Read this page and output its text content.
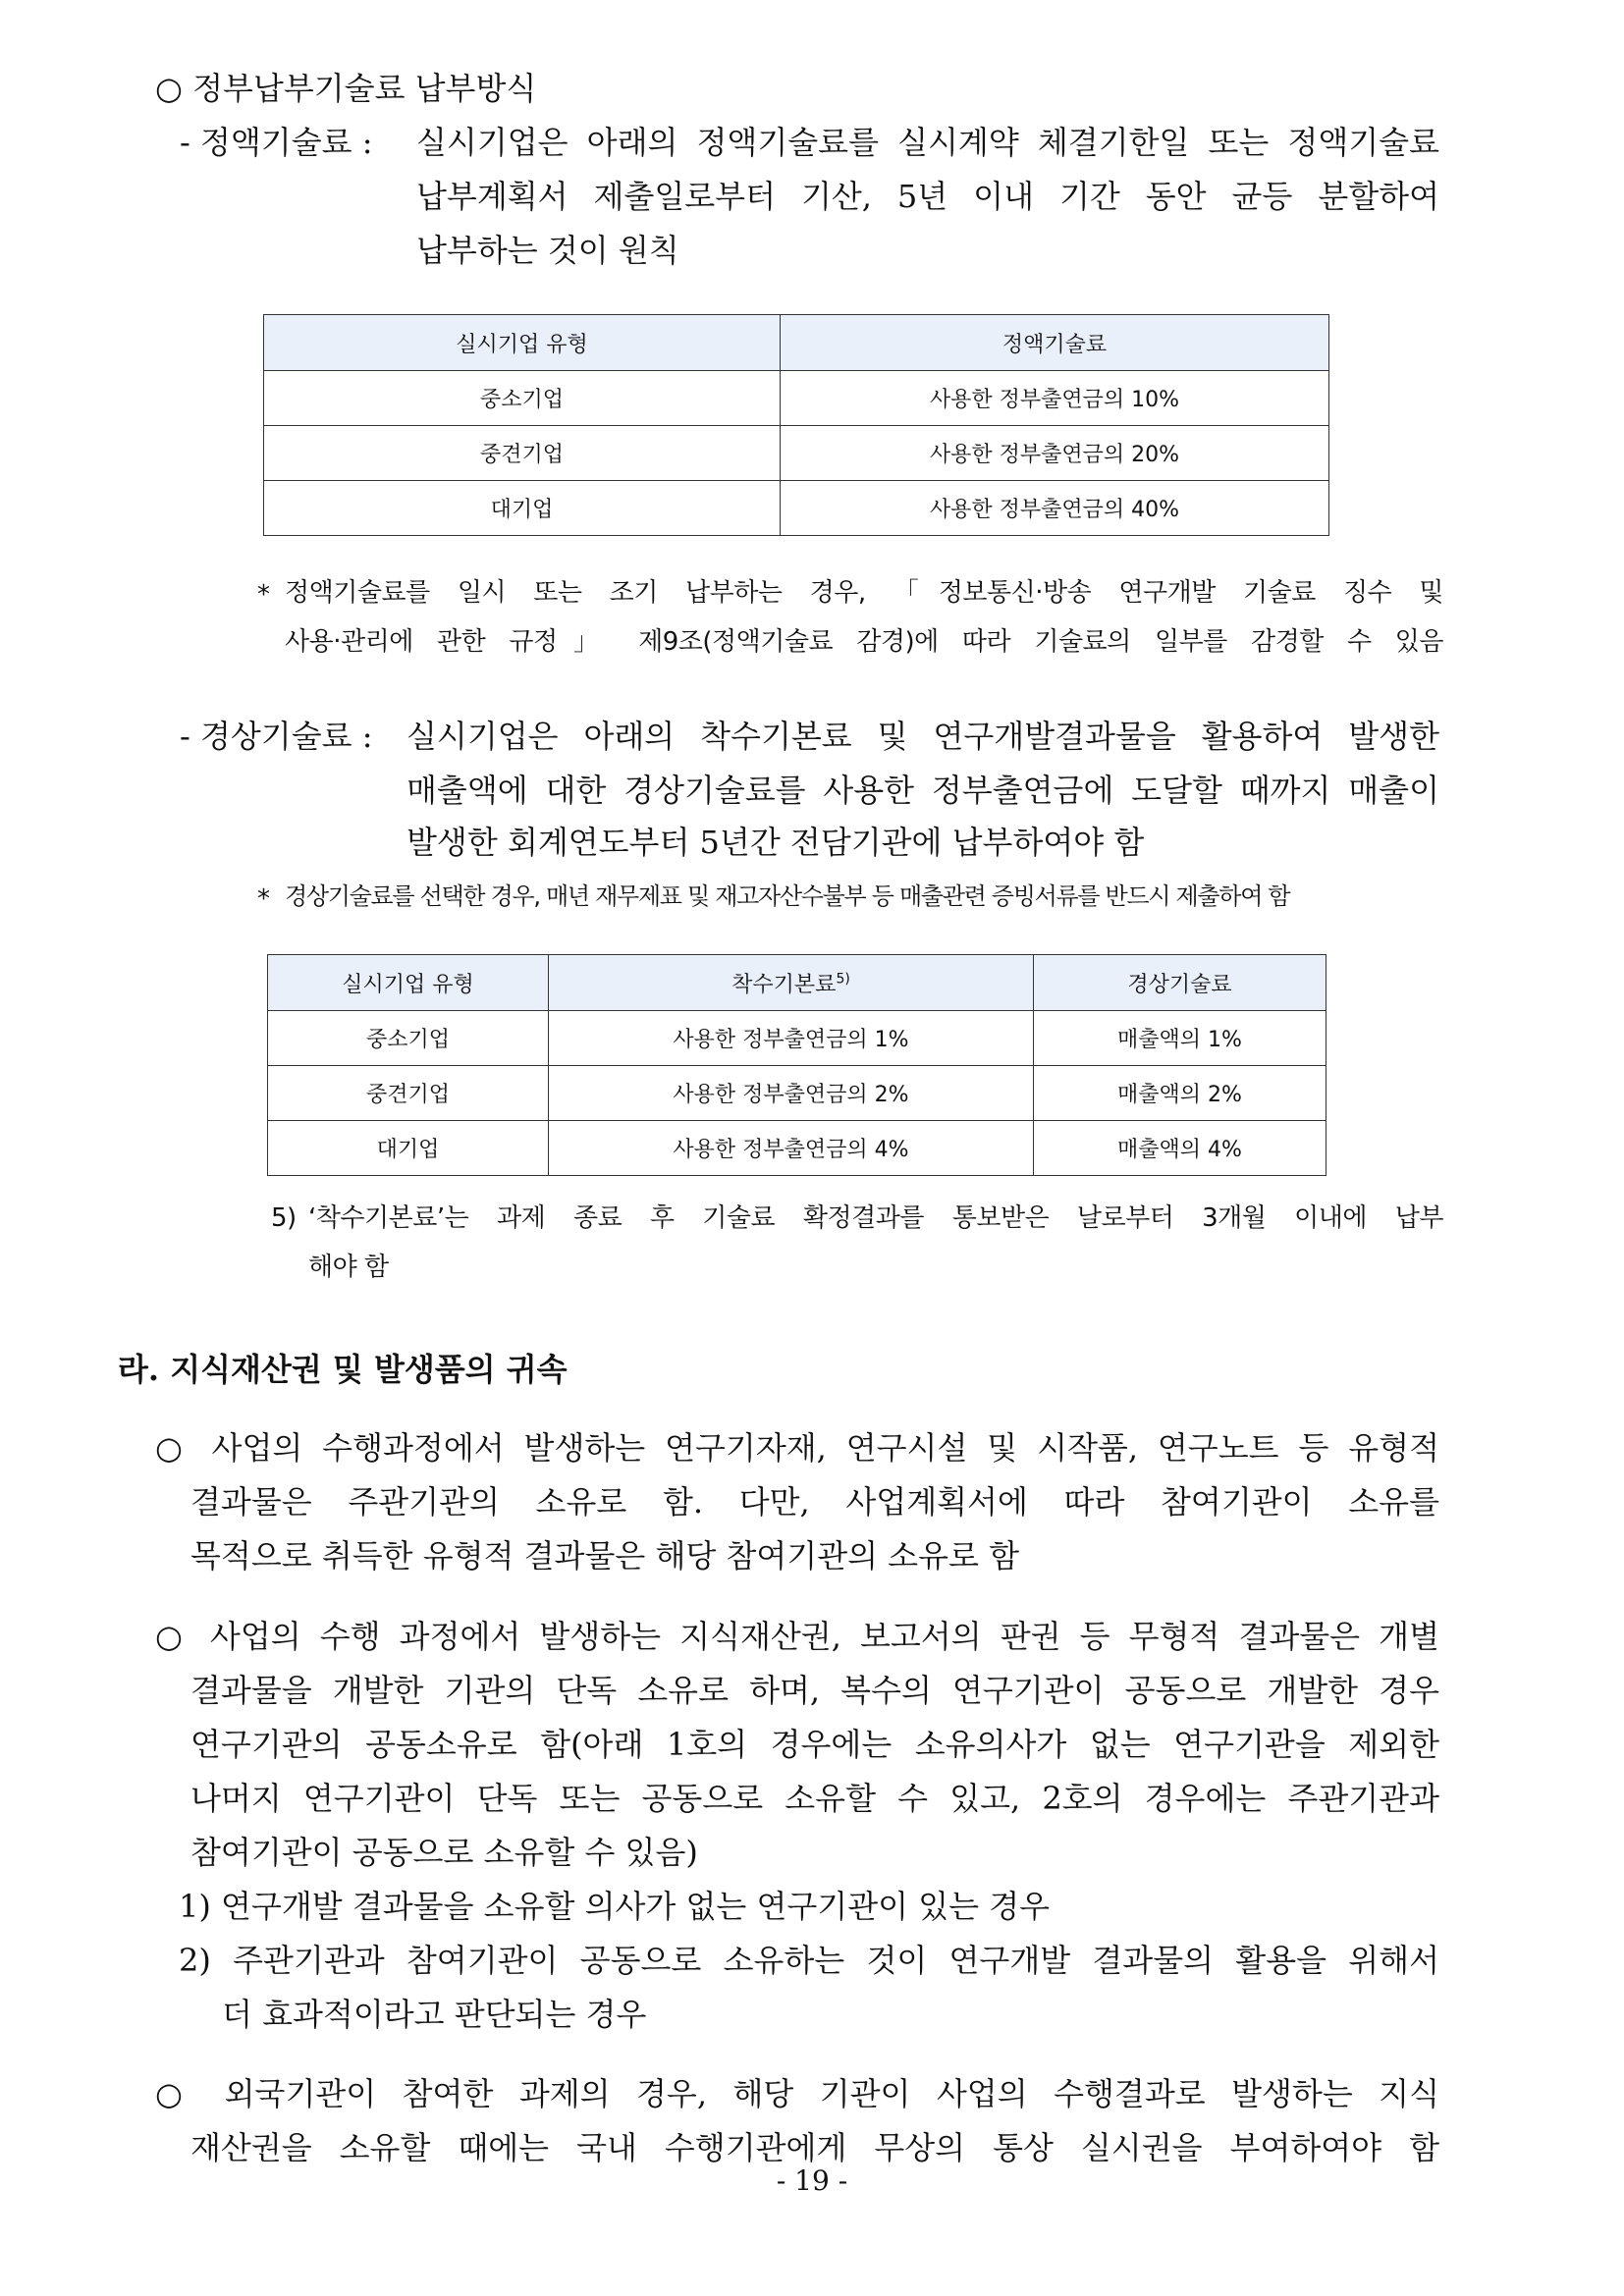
○ 정부납부기술료 납부방식
- 정액기술료 : 실시기업은 아래의 정액기술료를 실시계약 체결기한일 또는 정액기술료
납부계획서 제출일로부터 기산, 5년 이내 기간 동안 균등 분할하여
납부하는 것이 원칙
실시기업 유형	정액기술료
중소기업	사용한 정부출연금의 10%
중견기업	사용한 정부출연금의 20%
대기업	사용한 정부출연금의 40%
* 정액기술료를 일시 또는 조기 납부하는 경우, 「정보통신‧방송 연구개발 기술료 징수 및
사용‧관리에 관한 규정」 제9조(정액기술료 감경)에 따라 기술료의 일부를 감경할 수 있음
- 경상기술료 : 실시기업은 아래의 착수기본료 및 연구개발결과물을 활용하여 발생한
매출액에 대한 경상기술료를 사용한 정부출연금에 도달할 때까지 매출이
발생한 회계연도부터 5년간 전담기관에 납부하여야 함
* 경상기술료를 선택한 경우, 매년 재무제표 및 재고자산수불부 등 매출관련 증빙서류를 반드시 제출하여 함
실시기업 유형	착수기본료$^{5)}$	경상기술료
중소기업	사용한 정부출연금의 1%	매출액의 1%
중견기업	사용한 정부출연금의 2%	매출액의 2%
대기업	사용한 정부출연금의 4%	매출액의 4%
5) ‘착수기본료’는 과제 종료 후 기술료 확정결과를 통보받은 날로부터 3개월 이내에 납부
해야 함
라. 지식재산권 및 발생품의 귀속
○ 사업의 수행과정에서 발생하는 연구기자재, 연구시설 및 시작품, 연구노트 등 유형적
결과물은 주관기관의 소유로 함. 다만, 사업계획서에 따라 참여기관이 소유를
목적으로 취득한 유형적 결과물은 해당 참여기관의 소유로 함
○ 사업의 수행 과정에서 발생하는 지식재산권, 보고서의 판권 등 무형적 결과물은 개별
결과물을 개발한 기관의 단독 소유로 하며, 복수의 연구기관이 공동으로 개발한 경우
연구기관의 공동소유로 함(아래 1호의 경우에는 소유의사가 없는 연구기관을 제외한
나머지 연구기관이 단독 또는 공동으로 소유할 수 있고, 2호의 경우에는 주관기관과
참여기관이 공동으로 소유할 수 있음)
1) 연구개발 결과물을 소유할 의사가 없는 연구기관이 있는 경우
2) 주관기관과 참여기관이 공동으로 소유하는 것이 연구개발 결과물의 활용을 위해서
더 효과적이라고 판단되는 경우
○ 외국기관이 참여한 과제의 경우, 해당 기관이 사업의 수행결과로 발생하는 지식
재산권을 소유할 때에는 국내 수행기관에게 무상의 통상 실시권을 부여하여야 함
- 19 -
